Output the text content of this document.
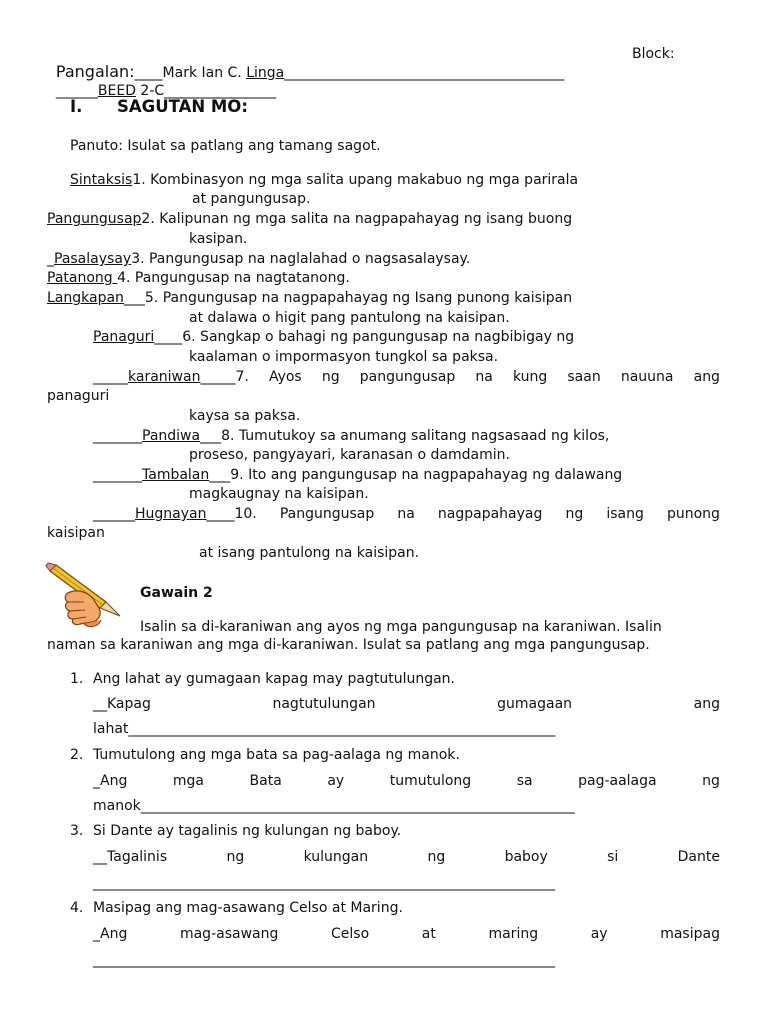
Pangalan:____Mark Ian C. Linga________________________________________

Block:

______BEED 2-C________________

I. SAGUTAN MO:
Panuto: Isulat sa patlang ang tamang sagot.
Sintaksis1. Kombinasyon ng mga salita upang makabuo ng mga parirala
at pangungusap.
Pangungusap2. Kalipunan ng mga salita na nagpapahayag ng isang buong
kasipan.
_Pasalaysay3. Pangungusap na naglalahad o nagsasalaysay.
Patanong 4. Pangungusap na nagtatanong.
Langkapan___5. Pangungusap na nagpapahayag ng Isang punong kaisipan
at dalawa o higit pang pantulong na kaisipan.
Panaguri____6. Sangkap o bahagi ng pangungusap na nagbibigay ng
kaalaman o impormasyon tungkol sa paksa.
_____karaniwan_____7. Ayos ng pangungusap na kung saan nauuna ang
panaguri
kaysa sa paksa.
_______Pandiwa___8. Tumutukoy sa anumang salitang nagsasaad ng kilos,
proseso, pangyayari, karanasan o damdamin.
_______Tambalan___9. Ito ang pangungusap na nagpapahayag ng dalawang
magkaugnay na kaisipan.
______Hugnayan____10. Pangungusap na nagpapahayag ng isang punong
kaisipan
at isang pantulong na kaisipan.
Gawain 2
Isalin sa di-karaniwan ang ayos ng mga pangungusap na karaniwan. Isalin
naman sa karaniwan ang mga di-karaniwan. Isulat sa patlang ang mga pangungusap.
1. Ang lahat ay gumagaan kapag may pagtutulungan.
__Kapag	nagtutulungan	gumagaan	ang
lahat_____________________________________________________________
2. Tumutulong ang mga bata sa pag-aalaga ng manok.
_Ang	mga	Bata	ay	tumutulong	sa	pag-aalaga	ng
manok______________________________________________________________
3. Si Dante ay tagalinis ng kulungan ng baboy.
__Tagalinis	ng	kulungan	ng	baboy	si	Dante
__________________________________________________________________
4. Masipag ang mag-asawang Celso at Maring.
_Ang	mag-asawang	Celso	at	maring	ay	masipag
__________________________________________________________________
